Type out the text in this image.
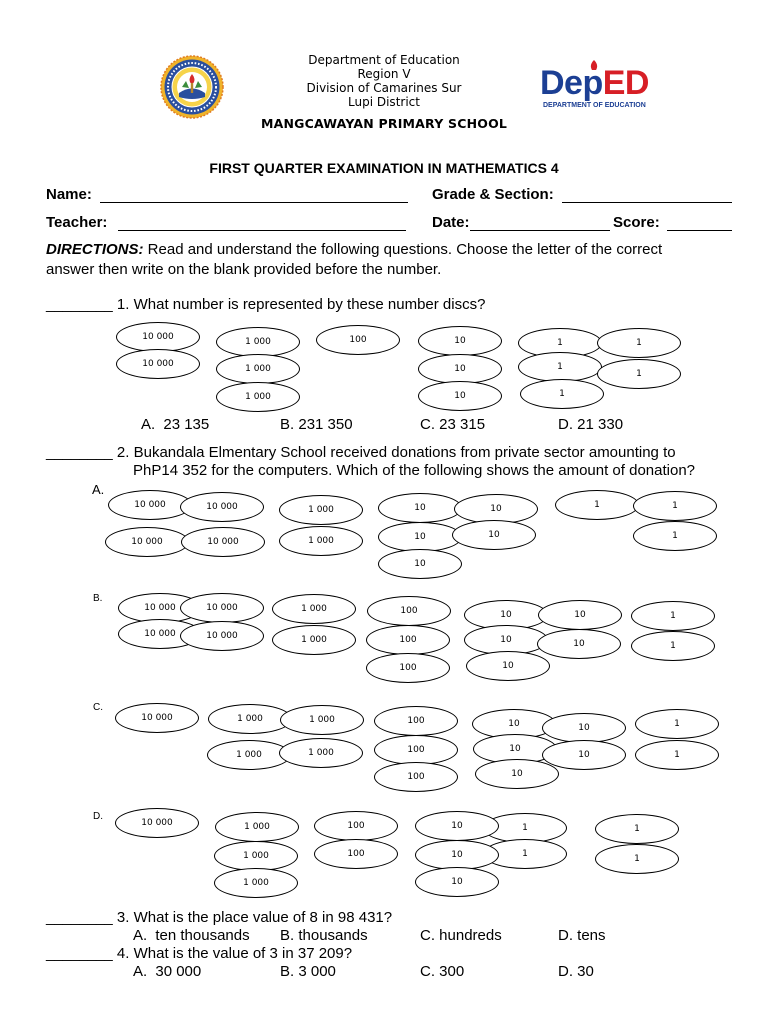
Department of Education
Region V
Division of Camarines Sur
Lupi District
MANGCAWAYAN PRIMARY SCHOOL
DepED
DEPARTMENT OF EDUCATION
FIRST QUARTER EXAMINATION IN MATHEMATICS 4
Name:	Grade & Section:
Teacher:	Date:	Score:
DIRECTIONS: Read and understand the following questions. Choose the letter of the correct
answer then write on the blank provided before the number.
________ 1. What number is represented by these number discs?
10 000
10 000
1 000
1 000
1 000
100	10
10
10
1
1
1
1
1
A. 23 135	B. 231 350	C. 23 315	D. 21 330
________ 2. Bukandala Elmentary School received donations from private sector amounting to
PhP14 352 for the computers. Which of the following shows the amount of donation?
A.
10 000	10 000
10 000	10 000
1 000
1 000
10	10
10	10
10
1	1
1
B.
10 000	10 000
10 000	10 000
1 000
1 000
100
100
100
10	10
10	10
10
1
1
C.
10 000	1 000	1 000
1 000	1 000
100
100
100
10	10
10
10
10
1
1
D.
10 000	1 000
1 000
1 000
100
100
10
10
10
1
1
1
1
________ 3. What is the place value of 8 in 98 431?
A. ten thousands B. thousands	C. hundreds	D. tens
________ 4. What is the value of 3 in 37 209?
A. 30 000	B. 3 000	C. 300	D. 30
